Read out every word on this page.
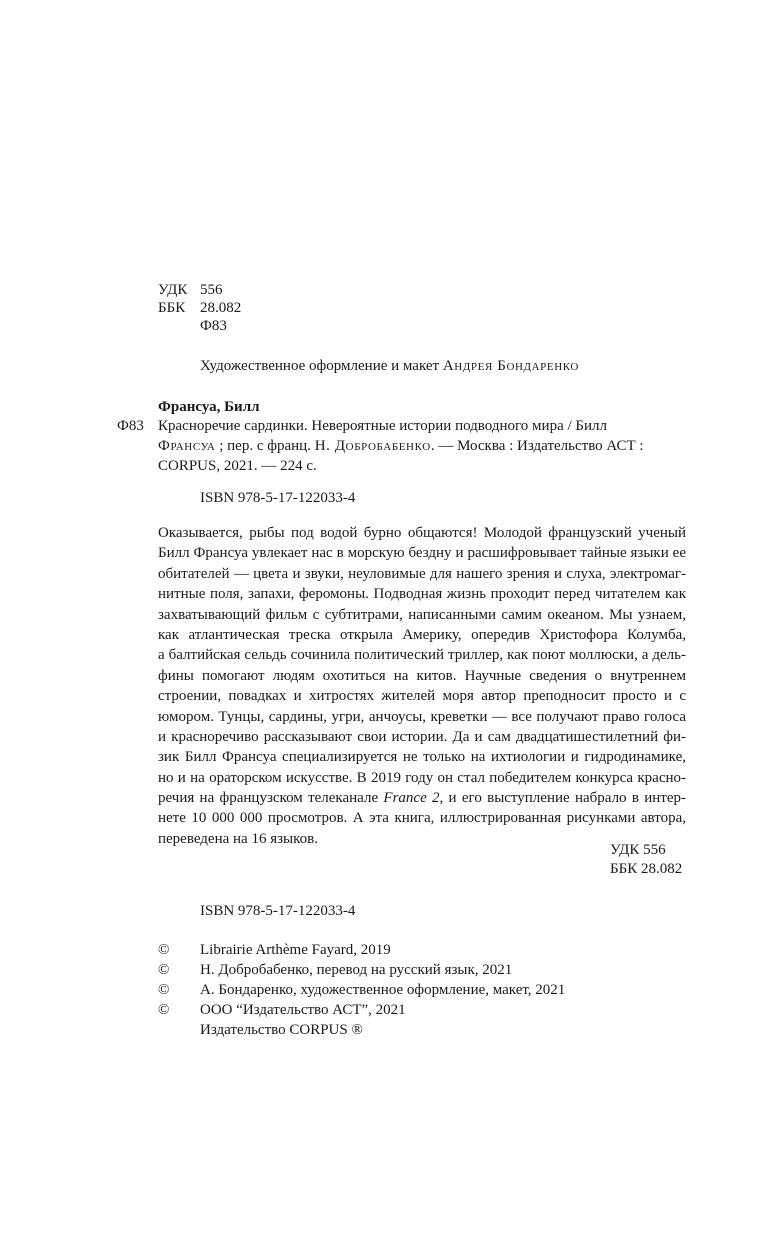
УДК 556
ББК 28.082
Ф83
Художественное оформление и макет Андрея Бондаренко
Франсуа, Билл
Ф83 Красноречие сардинки. Невероятные истории подводного мира / Билл
Франсуа ; пер. с франц. Н. Добробабенко. — Москва : Издательство АСТ :
CORPUS, 2021. — 224 с.
ISBN 978-5-17-122033-4
Оказывается, рыбы под водой бурно общаются! Молодой французский ученый
Билл Франсуа увлекает нас в морскую бездну и расшифровывает тайные языки ее
обитателей — цвета и звуки, неуловимые для нашего зрения и слуха, электромаг-
нитные поля, запахи, феромоны. Подводная жизнь проходит перед читателем как
захватывающий фильм с субтитрами, написанными самим океаном. Мы узнаем,
как атлантическая треска открыла Америку, опередив Христофора Колумба,
а балтийская сельдь сочинила политический триллер, как поют моллюски, а дель-
фины помогают людям охотиться на китов. Научные сведения о внутреннем
строении, повадках и хитростях жителей моря автор преподносит просто и с
юмором. Тунцы, сардины, угри, анчоусы, креветки — все получают право голоса
и красноречиво рассказывают свои истории. Да и сам двадцатишестилетний фи-
зик Билл Франсуа специализируется не только на ихтиологии и гидродинамике,
но и на ораторском искусстве. В 2019 году он стал победителем конкурса красно-
речия на французском телеканале France 2, и его выступление набрало в интер-
нете 10 000 000 просмотров. А эта книга, иллюстрированная рисунками автора,
переведена на 16 языков.
УДК 556
ББК 28.082
ISBN 978-5-17-122033-4
©	Librairie Arthème Fayard, 2019
©	Н. Добробабенко, перевод на русский язык, 2021
©	А. Бондаренко, художественное оформление, макет, 2021
©	ООО “Издательство АСТ”, 2021
Издательство CORPUS ®
